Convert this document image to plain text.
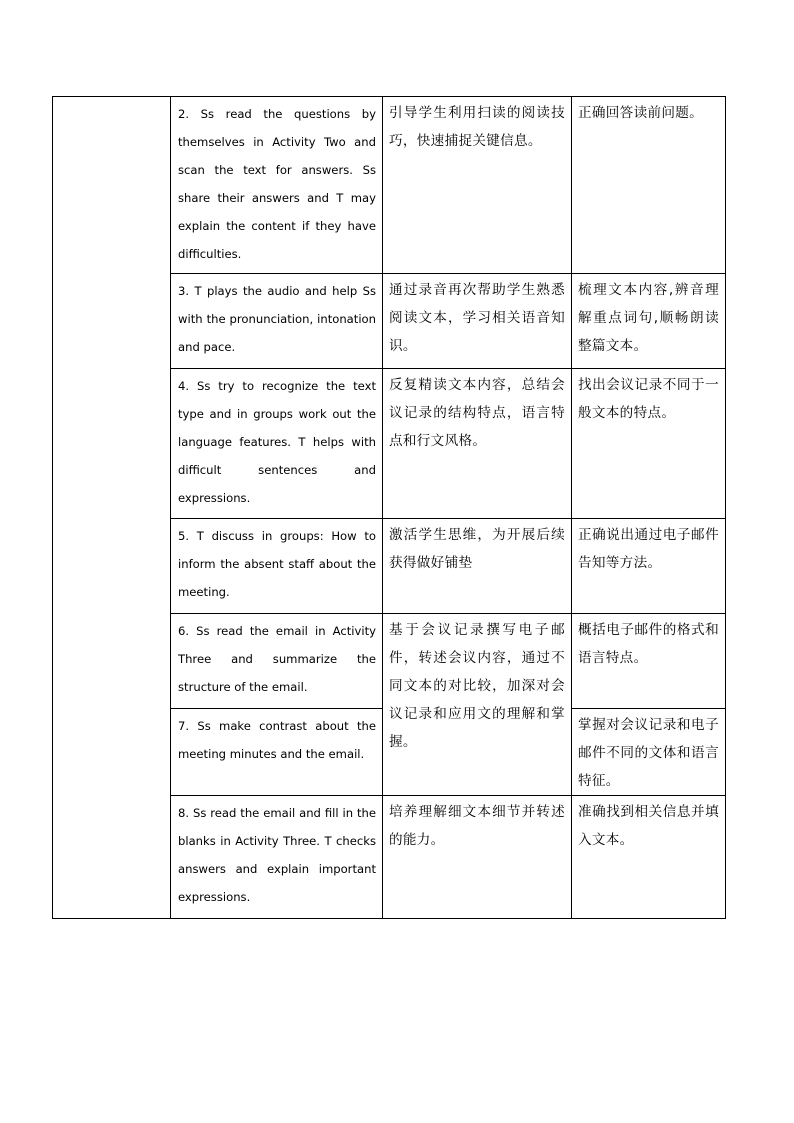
	2. Ss read the questions by themselves in Activity Two and scan the text for answers. Ss share their answers and T may explain the content if they have difficulties.	引导学生利用扫读的阅读技巧，快速捕捉关键信息。	正确回答读前问题。

	3. T plays the audio and help Ss with the pronunciation, intonation and pace.	通过录音再次帮助学生熟悉阅读文本，学习相关语音知识。	梳理文本内容,辨音理解重点词句,顺畅朗读整篇文本。

	4. Ss try to recognize the text type and in groups work out the language features. T helps with difficult sentences and expressions.	反复精读文本内容，总结会议记录的结构特点，语言特点和行文风格。	找出会议记录不同于一般文本的特点。

	5. T discuss in groups: How to inform the absent staff about the meeting.	激活学生思维，为开展后续获得做好铺垫	正确说出通过电子邮件告知等方法。

	6. Ss read the email in Activity Three and summarize the structure of the email.	基于会议记录撰写电子邮件，转述会议内容，通过不同文本的对比较，加深对会议记录和应用文的理解和掌握。	概括电子邮件的格式和语言特点。

	7. Ss make contrast about the meeting minutes and the email.		掌握对会议记录和电子邮件不同的文体和语言特征。

	8. Ss read the email and fill in the blanks in Activity Three. T checks answers and explain important expressions.	培养理解细文本细节并转述的能力。	准确找到相关信息并填入文本。
